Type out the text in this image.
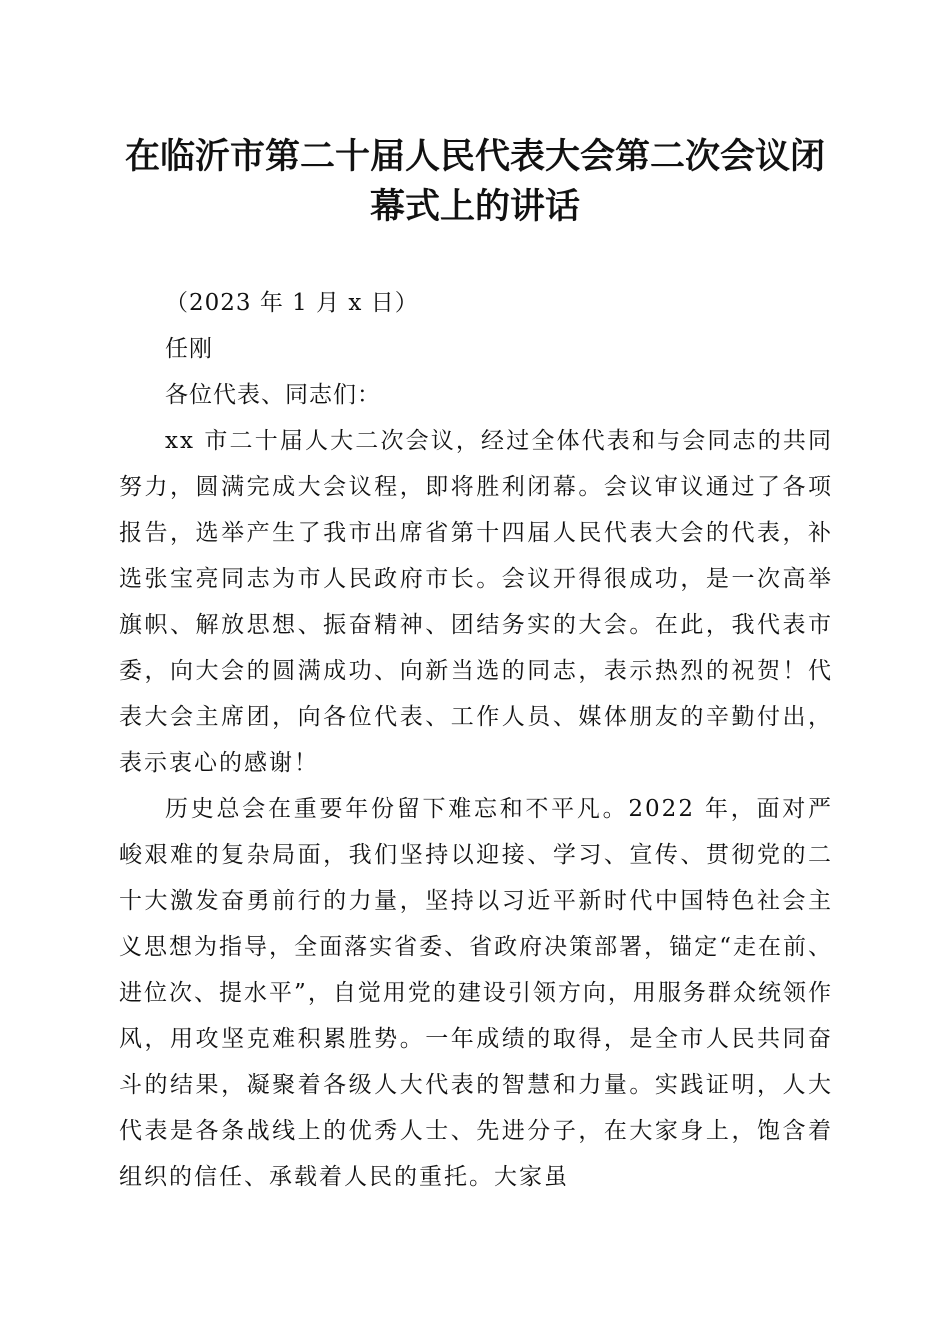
在临沂市第二十届人民代表大会第二次会议闭
幕式上的讲话

（2023 年 1 月 x 日）

任刚

各位代表、同志们：

xx 市二十届人大二次会议，经过全体代表和与会同志的共同努力，圆满完成大会议程，即将胜利闭幕。会议审议通过了各项报告，选举产生了我市出席省第十四届人民代表大会的代表，补选张宝亮同志为市人民政府市长。会议开得很成功，是一次高举旗帜、解放思想、振奋精神、团结务实的大会。在此，我代表市委，向大会的圆满成功、向新当选的同志，表示热烈的祝贺！代表大会主席团，向各位代表、工作人员、媒体朋友的辛勤付出，表示衷心的感谢！

历史总会在重要年份留下难忘和不平凡。2022 年，面对严峻艰难的复杂局面，我们坚持以迎接、学习、宣传、贯彻党的二十大激发奋勇前行的力量，坚持以习近平新时代中国特色社会主义思想为指导，全面落实省委、省政府决策部署，锚定“走在前、进位次、提水平”，自觉用党的建设引领方向，用服务群众统领作风，用攻坚克难积累胜势。一年成绩的取得，是全市人民共同奋斗的结果，凝聚着各级人大代表的智慧和力量。实践证明，人大代表是各条战线上的优秀人士、先进分子，在大家身上，饱含着组织的信任、承载着人民的重托。大家虽
